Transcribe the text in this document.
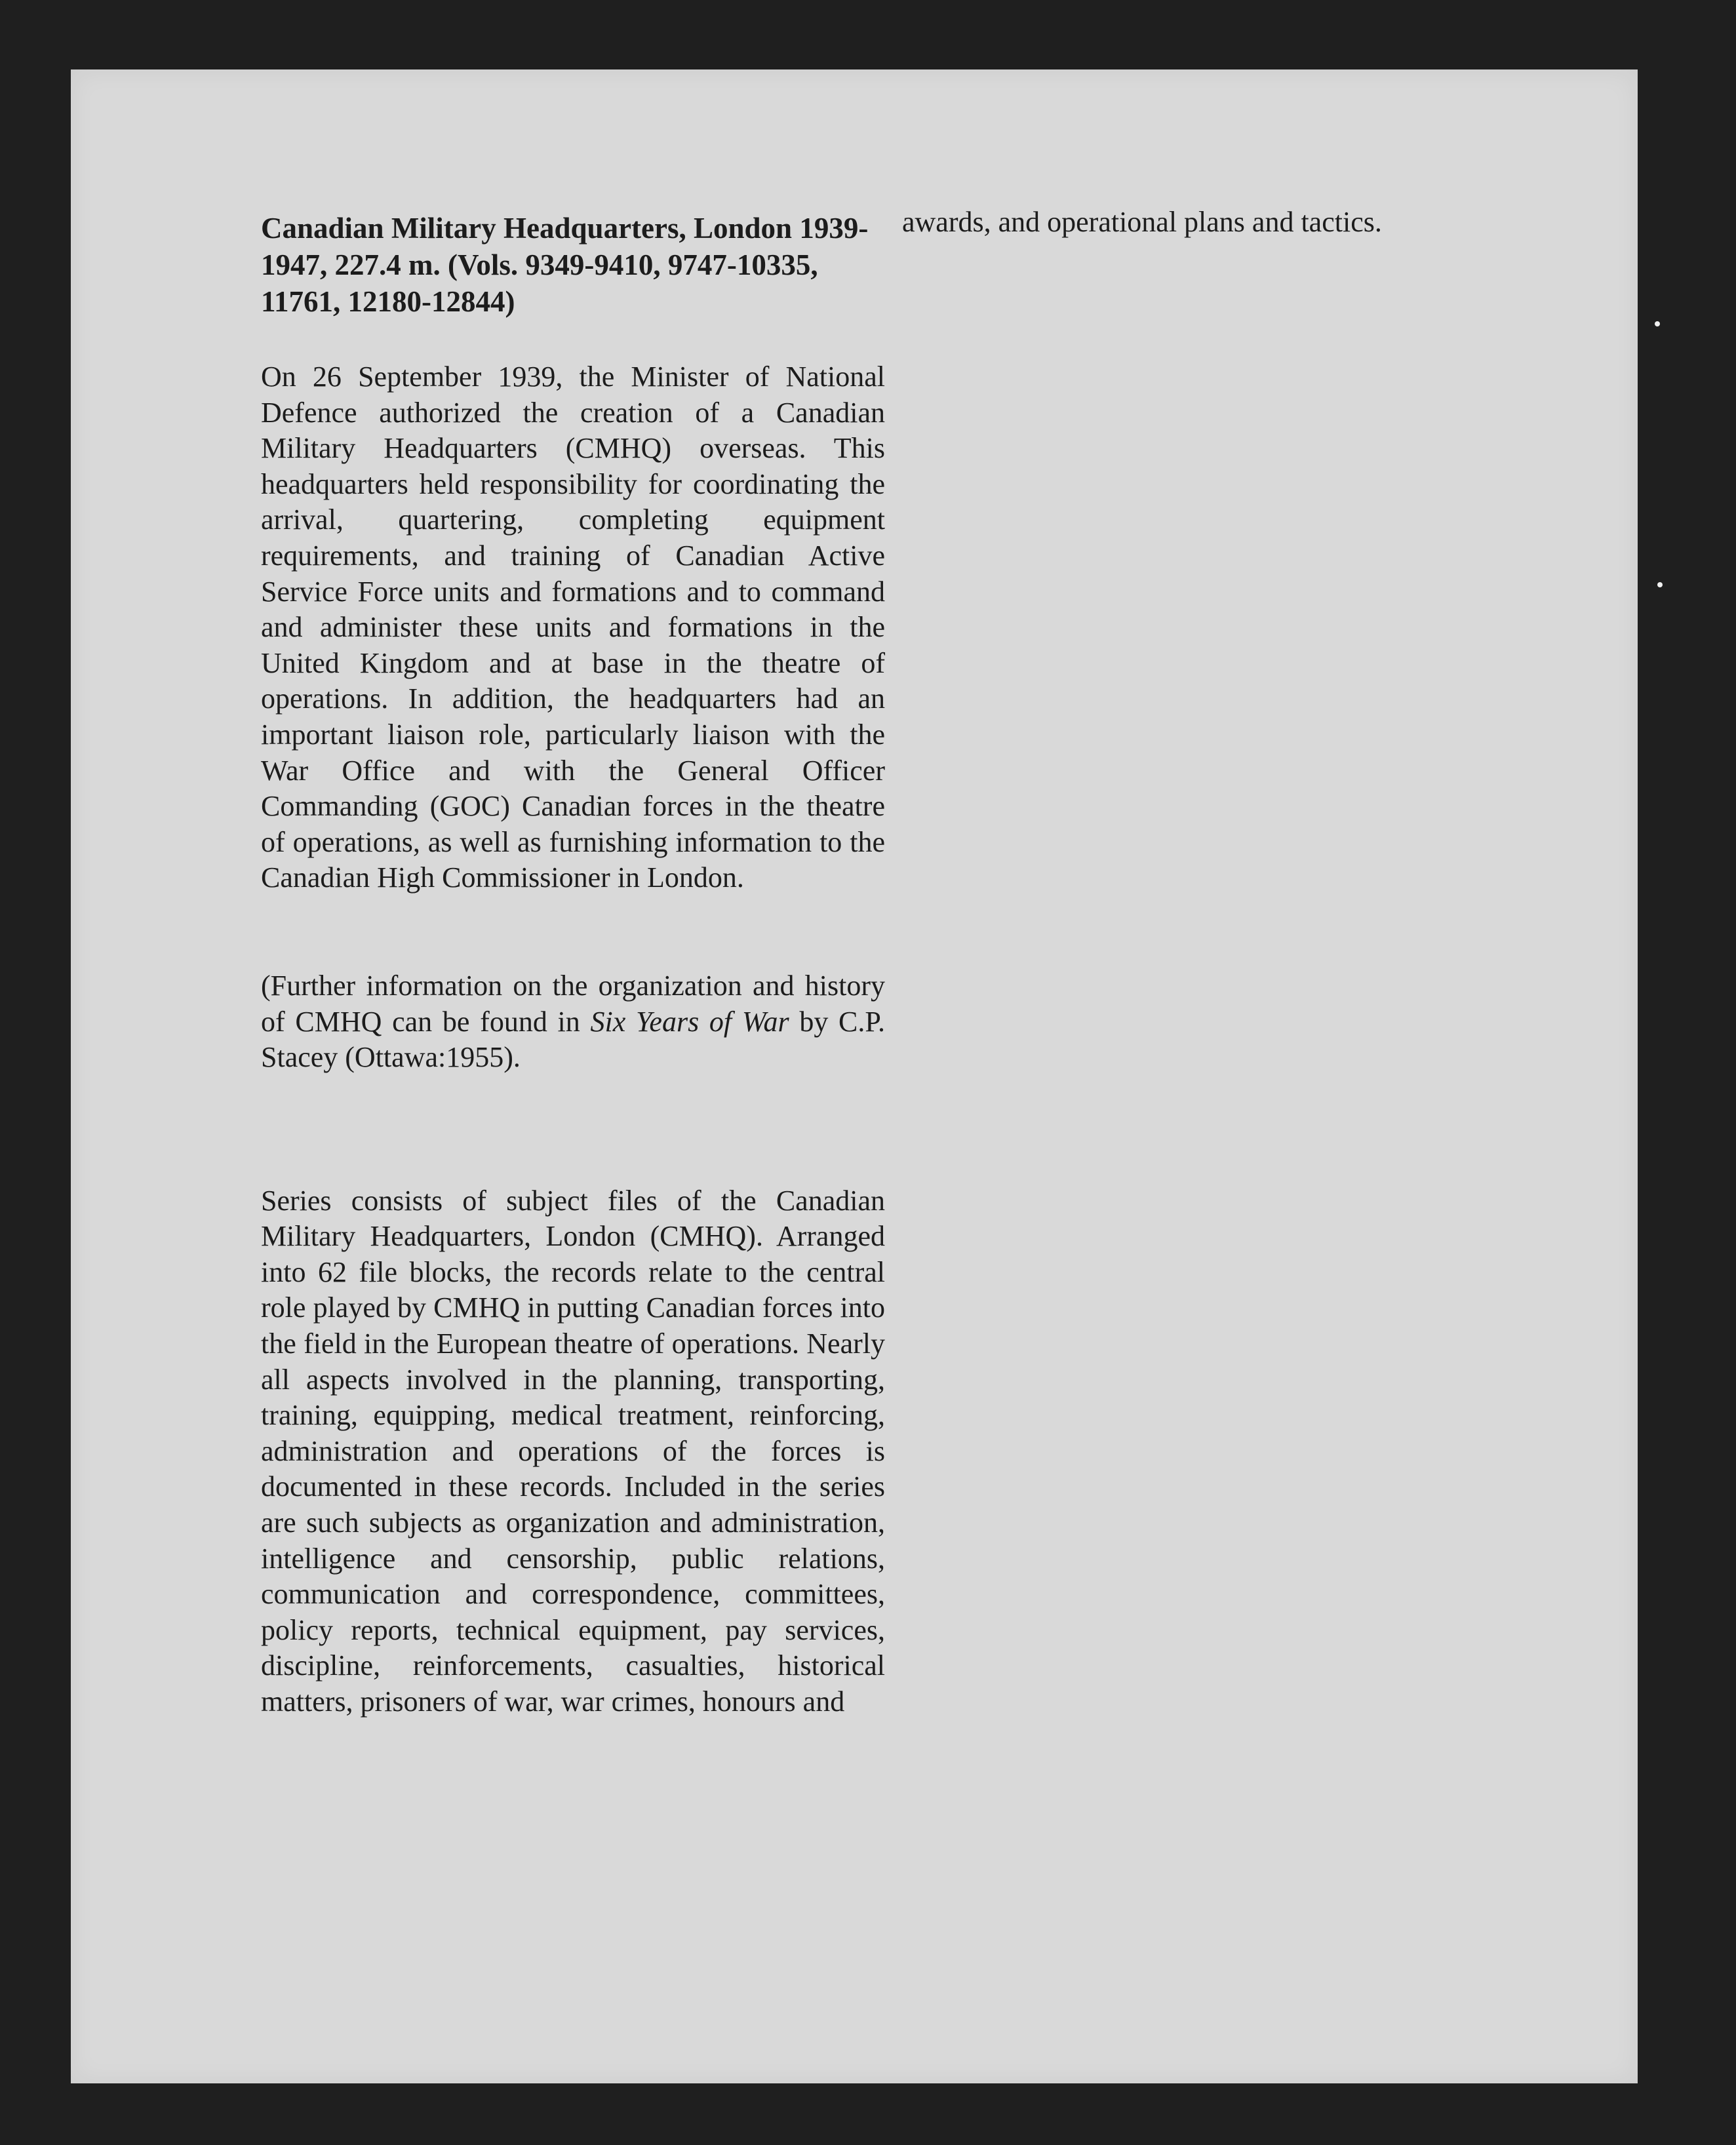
Canadian Military Headquarters, London 1939-1947, 227.4 m. (Vols. 9349-9410, 9747-10335, 11761, 12180-12844)

On 26 September 1939, the Minister of National Defence authorized the creation of a Canadian Military Headquarters (CMHQ) overseas. This headquarters held responsibility for coordinating the arrival, quartering, completing equipment requirements, and training of Canadian Active Service Force units and formations and to command and administer these units and formations in the United Kingdom and at base in the theatre of operations. In addition, the headquarters had an important liaison role, particularly liaison with the War Office and with the General Officer Commanding (GOC) Canadian forces in the theatre of operations, as well as furnishing information to the Canadian High Commissioner in London.

(Further information on the organization and history of CMHQ can be found in Six Years of War by C.P. Stacey (Ottawa:1955).

Series consists of subject files of the Canadian Military Headquarters, London (CMHQ). Arranged into 62 file blocks, the records relate to the central role played by CMHQ in putting Canadian forces into the field in the European theatre of operations. Nearly all aspects involved in the planning, transporting, training, equipping, medical treatment, reinforcing, administration and operations of the forces is documented in these records. Included in the series are such subjects as organization and administration, intelligence and censorship, public relations, communication and correspondence, committees, policy reports, technical equipment, pay services, discipline, reinforcements, casualties, historical matters, prisoners of war, war crimes, honours and

awards, and operational plans and tactics.
